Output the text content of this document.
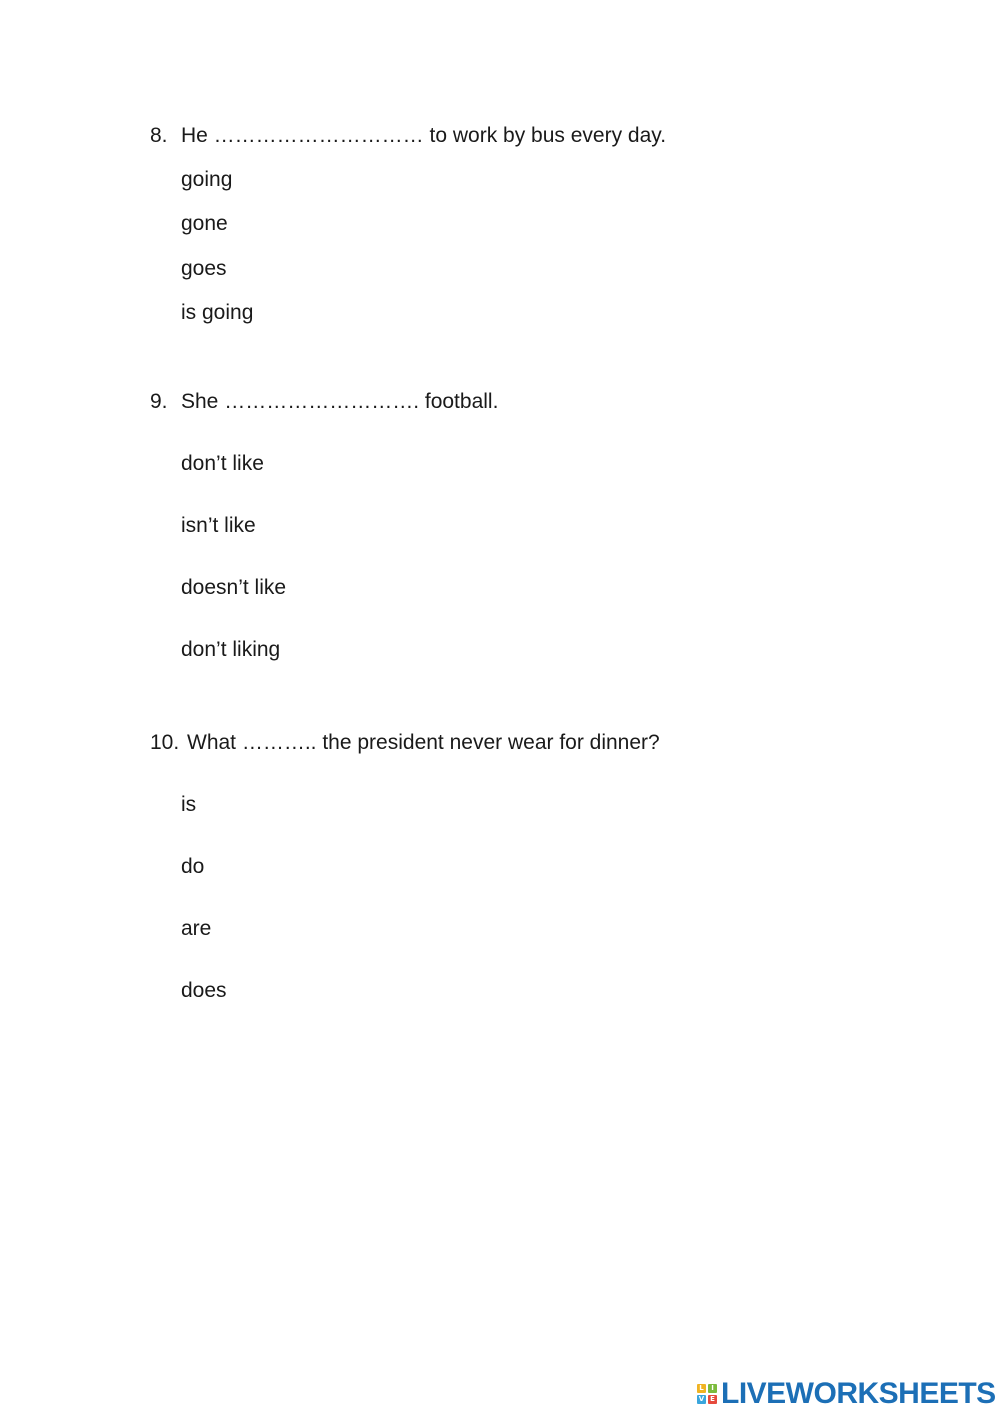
8. He ………………………… to work by bus every day.
going
gone
goes
is going
9. She ………………………. football.
don’t like
isn’t like
doesn’t like
don’t liking
10. What ……….. the president never wear for dinner?
is
do
are
does
L	I
V E LIVEWORKSHEETS
